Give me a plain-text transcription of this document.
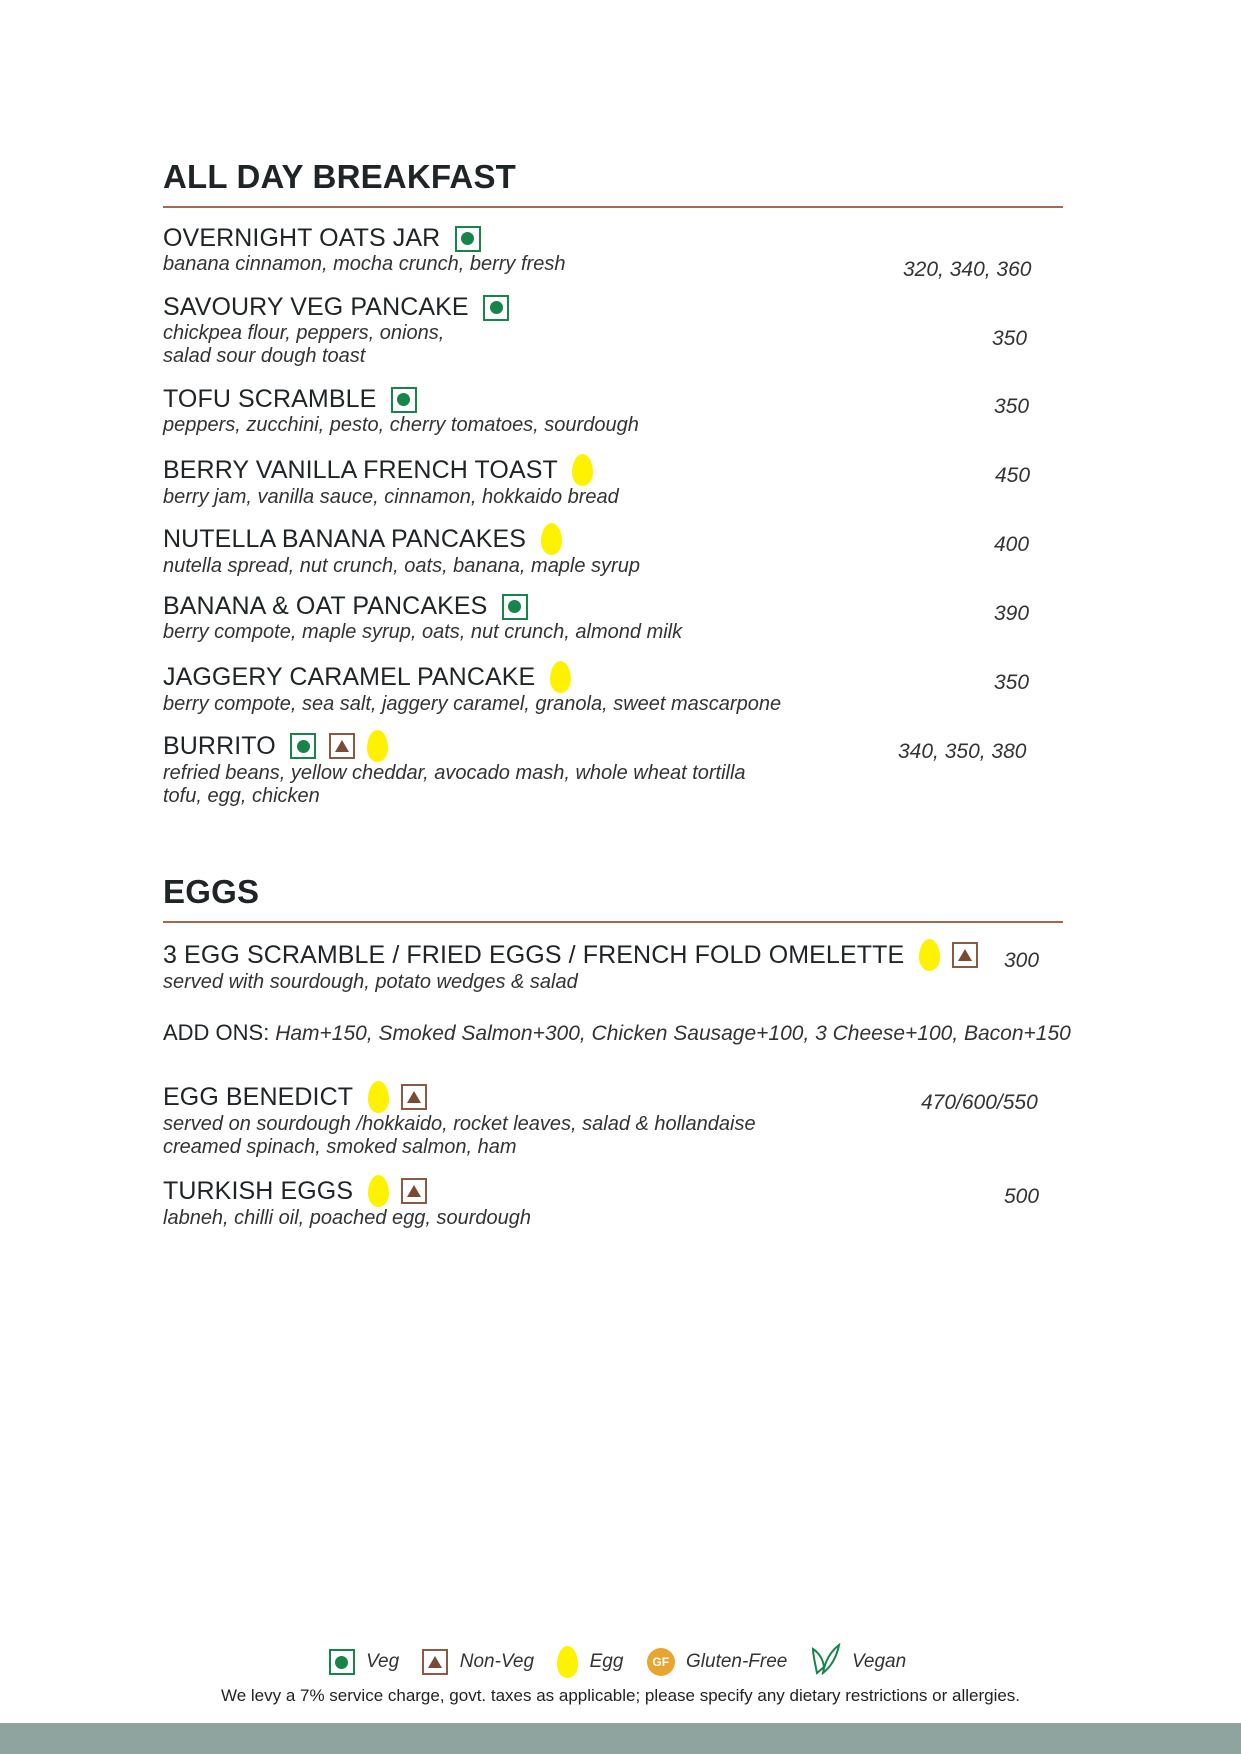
ALL DAY BREAKFAST
OVERNIGHT OATS JAR
banana cinnamon, mocha crunch, berry fresh	320, 340, 360
SAVOURY VEG PANCAKE
chickpea flour, peppers, onions,
salad sour dough toast
350
TOFU SCRAMBLE
peppers, zucchini, pesto, cherry tomatoes, sourdough
350
BERRY VANILLA FRENCH TOAST
berry jam, vanilla sauce, cinnamon, hokkaido bread
450
NUTELLA BANANA PANCAKES
nutella spread, nut crunch, oats, banana, maple syrup
400
BANANA & OAT PANCAKES
berry compote, maple syrup, oats, nut crunch, almond milk
390
JAGGERY CARAMEL PANCAKE
berry compote, sea salt, jaggery caramel, granola, sweet mascarpone
350
BURRITO
refried beans, yellow cheddar, avocado mash, whole wheat tortilla
tofu, egg, chicken
340, 350, 380
EGGS
3 EGG SCRAMBLE / FRIED EGGS / FRENCH FOLD OMELETTE
served with sourdough, potato wedges & salad
300
ADD ONS: Ham+150, Smoked Salmon+300, Chicken Sausage+100, 3 Cheese+100, Bacon+150
EGG BENEDICT
served on sourdough /hokkaido, rocket leaves, salad & hollandaise
creamed spinach, smoked salmon, ham
470/600/550
TURKISH EGGS
labneh, chilli oil, poached egg, sourdough
500
Veg	Non-Veg	Egg GF Gluten-Free	Vegan
We levy a 7% service charge, govt. taxes as applicable; please specify any dietary restrictions or allergies.
